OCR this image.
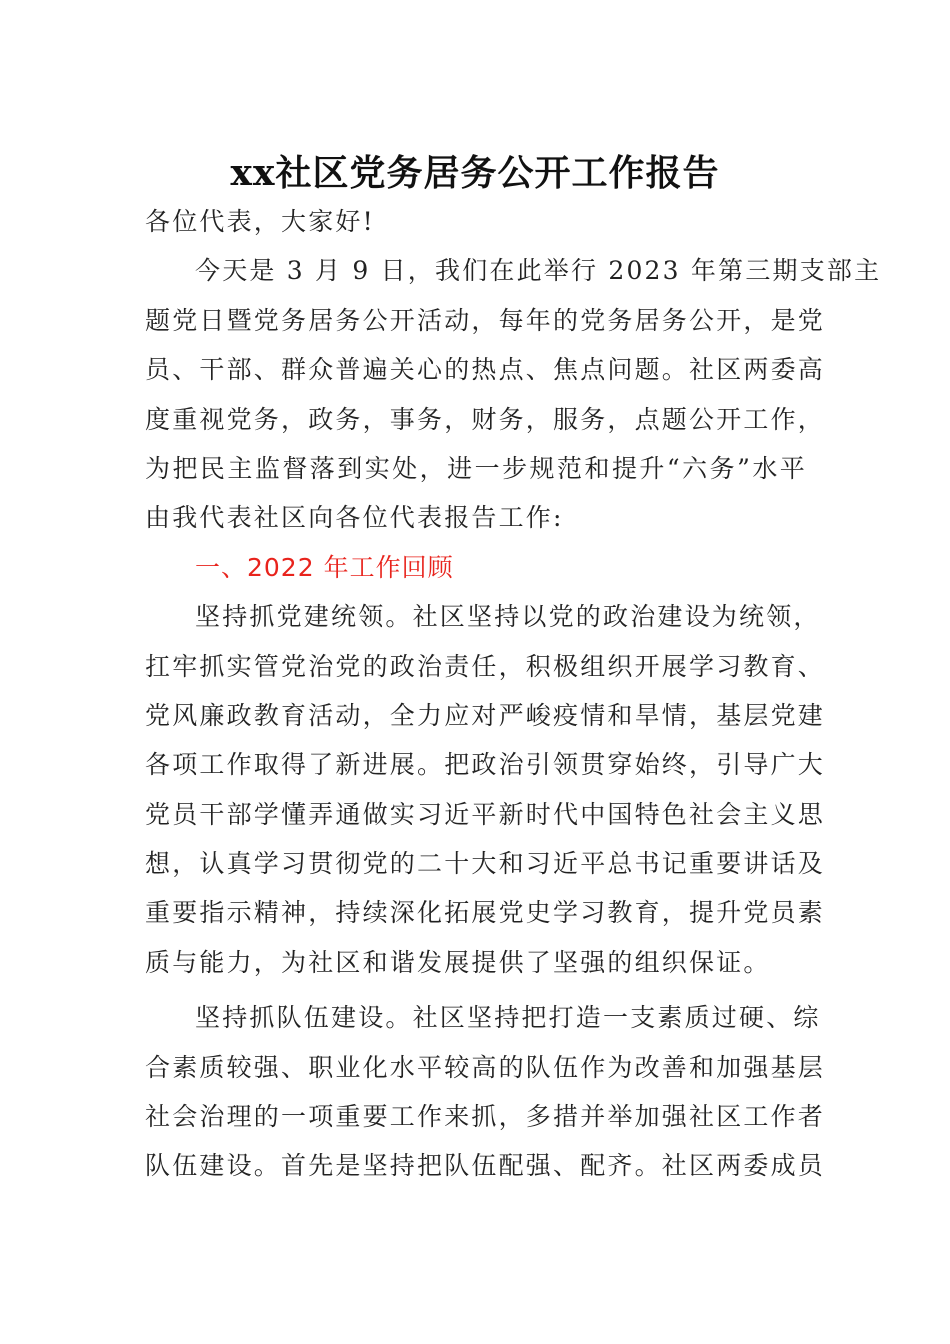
xx社区党务居务公开工作报告
各位代表，大家好!
今天是 3 月 9 日，我们在此举行 2023 年第三期支部主
题党日暨党务居务公开活动，每年的党务居务公开，是党
员、干部、群众普遍关心的热点、焦点问题。社区两委高
度重视党务，政务，事务，财务，服务，点题公开工作，
为把民主监督落到实处，进一步规范和提升“六务”水平
由我代表社区向各位代表报告工作:
一、2022 年工作回顾
坚持抓党建统领。社区坚持以党的政治建设为统领，
扛牢抓实管党治党的政治责任，积极组织开展学习教育、
党风廉政教育活动，全力应对严峻疫情和旱情，基层党建
各项工作取得了新进展。把政治引领贯穿始终，引导广大
党员干部学懂弄通做实习近平新时代中国特色社会主义思
想，认真学习贯彻党的二十大和习近平总书记重要讲话及
重要指示精神，持续深化拓展党史学习教育，提升党员素
质与能力，为社区和谐发展提供了坚强的组织保证。
坚持抓队伍建设。社区坚持把打造一支素质过硬、综
合素质较强、职业化水平较高的队伍作为改善和加强基层
社会治理的一项重要工作来抓，多措并举加强社区工作者
队伍建设。首先是坚持把队伍配强、配齐。社区两委成员
